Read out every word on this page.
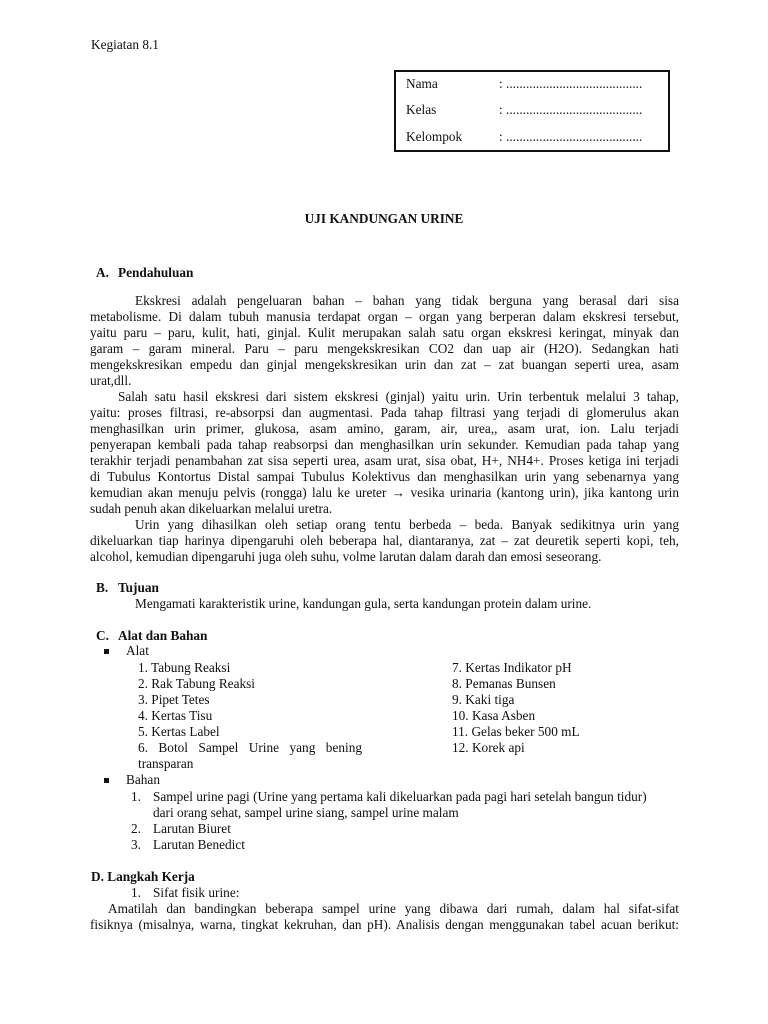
Kegiatan 8.1
Nama	: .........................................
Kelas	: .........................................
Kelompok	: .........................................
UJI KANDUNGAN URINE
A. Pendahuluan
Ekskresi adalah pengeluaran bahan – bahan yang tidak berguna yang berasal dari sisa
metabolisme. Di dalam tubuh manusia terdapat organ – organ yang berperan dalam ekskresi tersebut,
yaitu paru – paru, kulit, hati, ginjal. Kulit merupakan salah satu organ ekskresi keringat, minyak dan
garam – garam mineral. Paru – paru mengekskresikan CO2 dan uap air (H2O). Sedangkan hati
mengekskresikan empedu dan ginjal mengekskresikan urin dan zat – zat buangan seperti urea, asam
urat,dll.
Salah satu hasil ekskresi dari sistem ekskresi (ginjal) yaitu urin. Urin terbentuk melalui 3 tahap,
yaitu: proses filtrasi, re-absorpsi dan augmentasi. Pada tahap filtrasi yang terjadi di glomerulus akan
menghasilkan urin primer, glukosa, asam amino, garam, air, urea,, asam urat, ion. Lalu terjadi
penyerapan kembali pada tahap reabsorpsi dan menghasilkan urin sekunder. Kemudian pada tahap yang
terakhir terjadi penambahan zat sisa seperti urea, asam urat, sisa obat, H+, NH4+. Proses ketiga ini terjadi
di Tubulus Kontortus Distal sampai Tubulus Kolektivus dan menghasilkan urin yang sebenarnya yang
kemudian akan menuju pelvis (rongga) lalu ke ureter → vesika urinaria (kantong urin), jika kantong urin
sudah penuh akan dikeluarkan melalui uretra.
Urin yang dihasilkan oleh setiap orang tentu berbeda – beda. Banyak sedikitnya urin yang
dikeluarkan tiap harinya dipengaruhi oleh beberapa hal, diantaranya, zat – zat deuretik seperti kopi, teh,
alcohol, kemudian dipengaruhi juga oleh suhu, volme larutan dalam darah dan emosi seseorang.
B. Tujuan
Mengamati karakteristik urine, kandungan gula, serta kandungan protein dalam urine.
C. Alat dan Bahan
Alat
1. Tabung Reaksi
2. Rak Tabung Reaksi
3. Pipet Tetes
4. Kertas Tisu
5. Kertas Label
6. Botol Sampel Urine yang bening
transparan
7. Kertas Indikator pH
8. Pemanas Bunsen
9. Kaki tiga
10. Kasa Asben
11. Gelas beker 500 mL
12. Korek api
Bahan
1. Sampel urine pagi (Urine yang pertama kali dikeluarkan pada pagi hari setelah bangun tidur)
dari orang sehat, sampel urine siang, sampel urine malam
2. Larutan Biuret
3. Larutan Benedict
D. Langkah Kerja
1. Sifat fisik urine:
Amatilah dan bandingkan beberapa sampel urine yang dibawa dari rumah, dalam hal sifat-sifat
fisiknya (misalnya, warna, tingkat kekruhan, dan pH). Analisis dengan menggunakan tabel acuan berikut:
